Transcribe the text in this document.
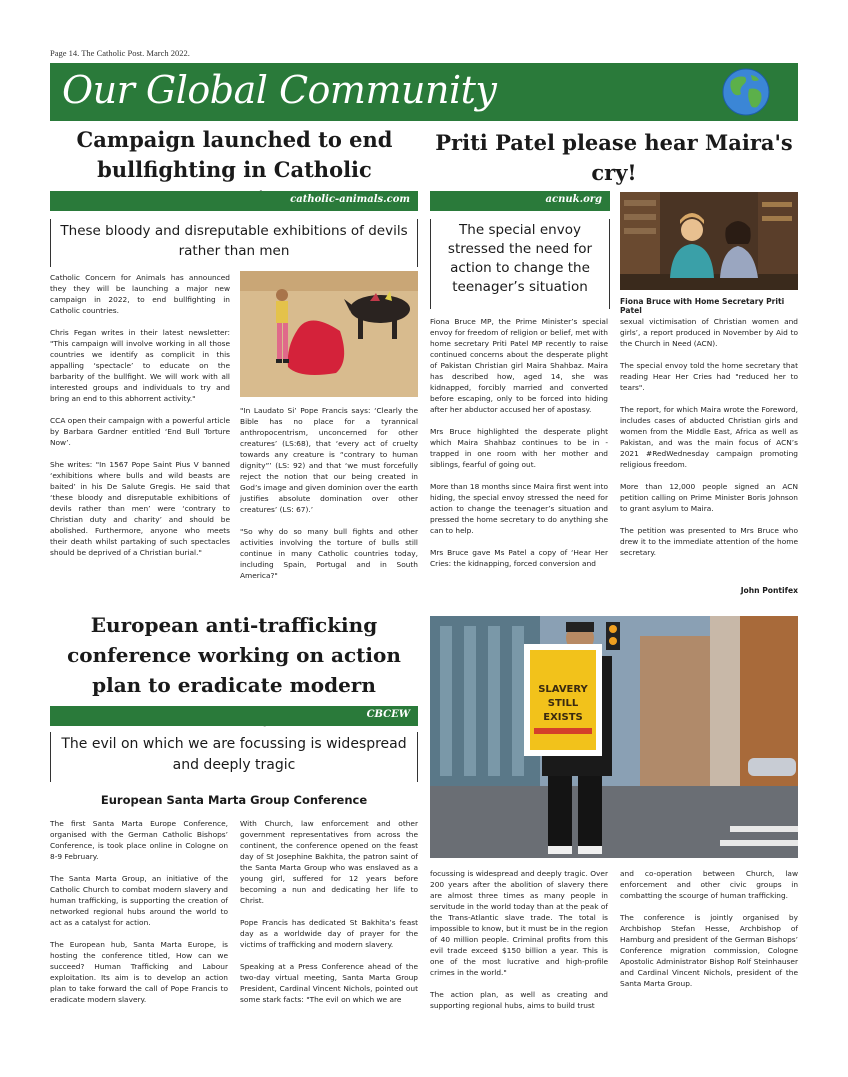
Page 14. The Catholic Post. March 2022.
Our Global Community
Campaign launched to end bullfighting in Catholic
catholic-animals.com
These bloody and disreputable exhibitions of devils rather than men

Catholic Concern for Animals has announced they they will be launching a major new campaign in 2022, to end bullfighting in Catholic countries.

Chris Fegan writes in their latest newsletter: "This campaign will involve working in all those countries we identify as complicit in this appalling ‘spectacle’ to educate on the barbarity of the bullfight. We will work with all interested groups and individuals to try and bring an end to this abhorrent activity."

CCA open their campaign with a powerful article by Barbara Gardner entitled ‘End Bull Torture Now’.

She writes: "In 1567 Pope Saint Pius V banned ‘exhibitions where bulls and wild beasts are baited’ in his De Salute Gregis. He said that ‘these bloody and disreputable exhibitions of devils rather than men’ were ‘contrary to Christian duty and charity’ and should be abolished. Furthermore, anyone who meets their death whilst partaking of such spectacles should be deprived of a Christian burial."

"In Laudato Si’ Pope Francis says: ‘Clearly the Bible has no place for a tyrannical anthropocentrism, unconcerned for other creatures’ (LS:68), that ‘every act of cruelty towards any creature is “contrary to human dignity”’ (LS: 92) and that ‘we must forcefully reject the notion that our being created in God’s image and given dominion over the earth justifies absolute domination over other creatures’ (LS: 67).’

"So why do so many bull fights and other activities involving the torture of bulls still continue in many Catholic countries today, including Spain, Portugal and in South America?"

Priti Patel please hear Maira's cry!
acnuk.org
The special envoy stressed the need for action to change the teenager’s situation
Fiona Bruce with Home Secretary Priti Patel

Fiona Bruce MP, the Prime Minister’s special envoy for freedom of religion or belief, met with home secretary Priti Patel MP recently to raise continued concerns about the desperate plight of Pakistan Christian girl Maira Shahbaz. Maira has described how, aged 14, she was kidnapped, forcibly married and converted before escaping, only to be forced into hiding after her abductor accused her of apostasy.

Mrs Bruce highlighted the desperate plight which Maira Shahbaz continues to be in - trapped in one room with her mother and siblings, fearful of going out.

More than 18 months since Maira first went into hiding, the special envoy stressed the need for action to change the teenager’s situation and pressed the home secretary to do anything she can to help.

Mrs Bruce gave Ms Patel a copy of ‘Hear Her Cries: the kidnapping, forced conversion and

sexual victimisation of Christian women and girls’, a report produced in November by Aid to the Church in Need (ACN).

The special envoy told the home secretary that reading Hear Her Cries had "reduced her to tears".

The report, for which Maira wrote the Foreword, includes cases of abducted Christian girls and women from the Middle East, Africa as well as Pakistan, and was the main focus of ACN’s 2021 #RedWednesday campaign promoting religious freedom.

More than 12,000 people signed an ACN petition calling on Prime Minister Boris Johnson to grant asylum to Maira.

The petition was presented to Mrs Bruce who drew it to the immediate attention of the home secretary.

John Pontifex
European anti-trafficking conference working on action plan to eradicate modern
CBCEW
The evil on which we are focussing is widespread and deeply tragic
European Santa Marta Group Conference
SLAVERY
STILL
EXISTS

The first Santa Marta Europe Conference, organised with the German Catholic Bishops’ Conference, is took place online in Cologne on 8-9 February.

The Santa Marta Group, an initiative of the Catholic Church to combat modern slavery and human trafficking, is supporting the creation of networked regional hubs around the world to act as a catalyst for action.

The European hub, Santa Marta Europe, is hosting the conference titled, How can we succeed? Human Trafficking and Labour exploitation. Its aim is to develop an action plan to take forward the call of Pope Francis to eradicate modern slavery.

With Church, law enforcement and other government representatives from across the continent, the conference opened on the feast day of St Josephine Bakhita, the patron saint of the Santa Marta Group who was enslaved as a young girl, suffered for 12 years before becoming a nun and dedicating her life to Christ.

Pope Francis has dedicated St Bakhita’s feast day as a worldwide day of prayer for the victims of trafficking and modern slavery.

Speaking at a Press Conference ahead of the two-day virtual meeting, Santa Marta Group President, Cardinal Vincent Nichols, pointed out some stark facts: "The evil on which we are

focussing is widespread and deeply tragic. Over 200 years after the abolition of slavery there are almost three times as many people in servitude in the world today than at the peak of the Trans-Atlantic slave trade. The total is impossible to know, but it must be in the region of 40 million people. Criminal profits from this evil trade exceed $150 billion a year. This is one of the most lucrative and high-profile crimes in the world."

The action plan, as well as creating and supporting regional hubs, aims to build trust

and co-operation between Church, law enforcement and other civic groups in combatting the scourge of human trafficking.

The conference is jointly organised by Archbishop Stefan Hesse, Archbishop of Hamburg and president of the German Bishops’ Conference migration commission, Cologne Apostolic Administrator Bishop Rolf Steinhauser and Cardinal Vincent Nichols, president of the Santa Marta Group.
